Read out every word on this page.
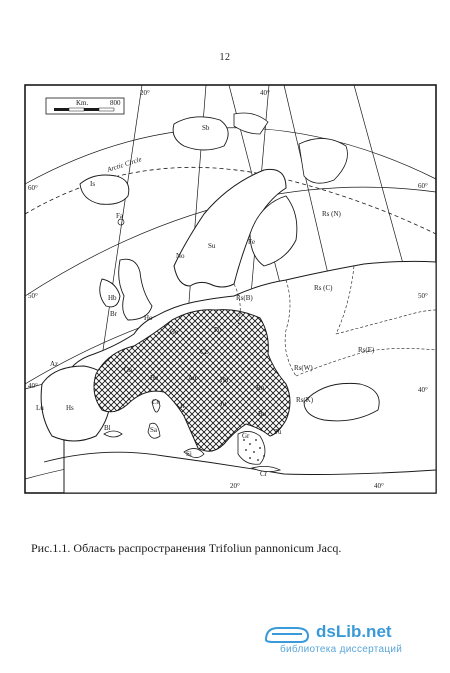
12
Km.	800
20°	40°
60°
50°
40°
60°
50°
40°
20°	40°
Arctic Circle
Sb
Is
Fa
No
Su	Fe
Rs (N)
Rs (C)
Rs(B)
Rs(E)
Rs(W)
Rs(K)
Hb
Br	Ho
Ge	Po
Ga
He	Au	Hu
It	Ju
Ru
Bu
Gr	Tu
Hs
Lu
Az
Bl
Co
Sa
Si
Cr
Cz
Рис.1.1. Область распространения Trifoliun pannonicum Jacq.
dsLib.net
библиотека диссертаций
